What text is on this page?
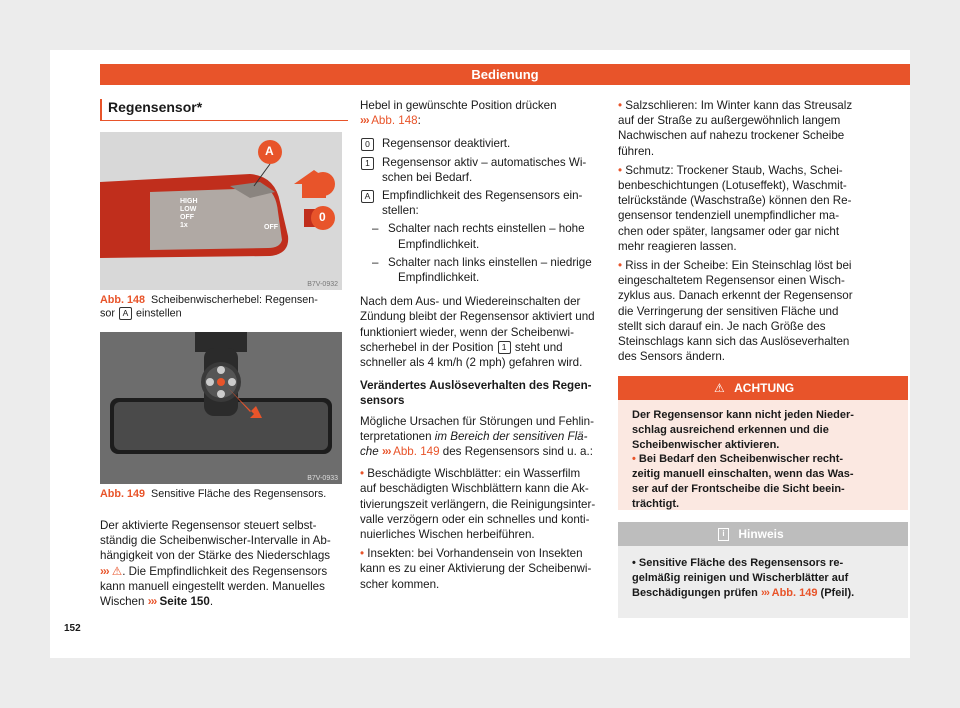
Bedienung
Regensensor*
A
1
0
HIGH
LOW
OFF
1x	OFF
B7V-0932
Abb. 148 Scheibenwischerhebel: Regensen-
sor A einstellen
B7V-0933
Abb. 149 Sensitive Fläche des Regensensors.
Der aktivierte Regensensor steuert selbst-
ständig die Scheibenwischer-Intervalle in Ab-
hängigkeit von der Stärke des Niederschlags
››› ⚠. Die Empfindlichkeit des Regensensors
kann manuell eingestellt werden. Manuelles
Wischen ››› Seite 150.
Hebel in gewünschte Position drücken
››› Abb. 148:
0	Regensensor deaktiviert.
1	Regensensor aktiv – automatisches Wi-
schen bei Bedarf.
A	Empfindlichkeit des Regensensors ein-
stellen:
– Schalter nach rechts einstellen – hohe
Empfindlichkeit.
– Schalter nach links einstellen – niedrige
Empfindlichkeit.
Nach dem Aus- und Wiedereinschalten der
Zündung bleibt der Regensensor aktiviert und
funktioniert wieder, wenn der Scheibenwi-
scherhebel in der Position 1 steht und
schneller als 4 km/h (2 mph) gefahren wird.
Verändertes Auslöseverhalten des Regen-
sensors
Mögliche Ursachen für Störungen und Fehlin-
terpretationen im Bereich der sensitiven Flä-
che ››› Abb. 149 des Regensensors sind u. a.:
• Beschädigte Wischblätter: ein Wasserfilm
auf beschädigten Wischblättern kann die Ak-
tivierungszeit verlängern, die Reinigungsinter-
valle verzögern oder ein schnelles und konti-
nuierliches Wischen herbeiführen.
• Insekten: bei Vorhandensein von Insekten
kann es zu einer Aktivierung der Scheibenwi-
scher kommen.
• Salzschlieren: Im Winter kann das Streusalz
auf der Straße zu außergewöhnlich langem
Nachwischen auf nahezu trockener Scheibe
führen.
• Schmutz: Trockener Staub, Wachs, Schei-
benbeschichtungen (Lotuseffekt), Waschmit-
telrückstände (Waschstraße) können den Re-
gensensor tendenziell unempfindlicher ma-
chen oder später, langsamer oder gar nicht
mehr reagieren lassen.
• Riss in der Scheibe: Ein Steinschlag löst bei
eingeschaltetem Regensensor einen Wisch-
zyklus aus. Danach erkennt der Regensensor
die Verringerung der sensitiven Fläche und
stellt sich darauf ein. Je nach Größe des
Steinschlags kann sich das Auslöseverhalten
des Sensors ändern.
⚠ ACHTUNG
Der Regensensor kann nicht jeden Nieder-
schlag ausreichend erkennen und die
Scheibenwischer aktivieren.
• Bei Bedarf den Scheibenwischer recht-
zeitig manuell einschalten, wenn das Was-
ser auf der Frontscheibe die Sicht beein-
trächtigt.
i Hinweis
• Sensitive Fläche des Regensensors re-
gelmäßig reinigen und Wischerblätter auf
Beschädigungen prüfen ››› Abb. 149 (Pfeil).
152
